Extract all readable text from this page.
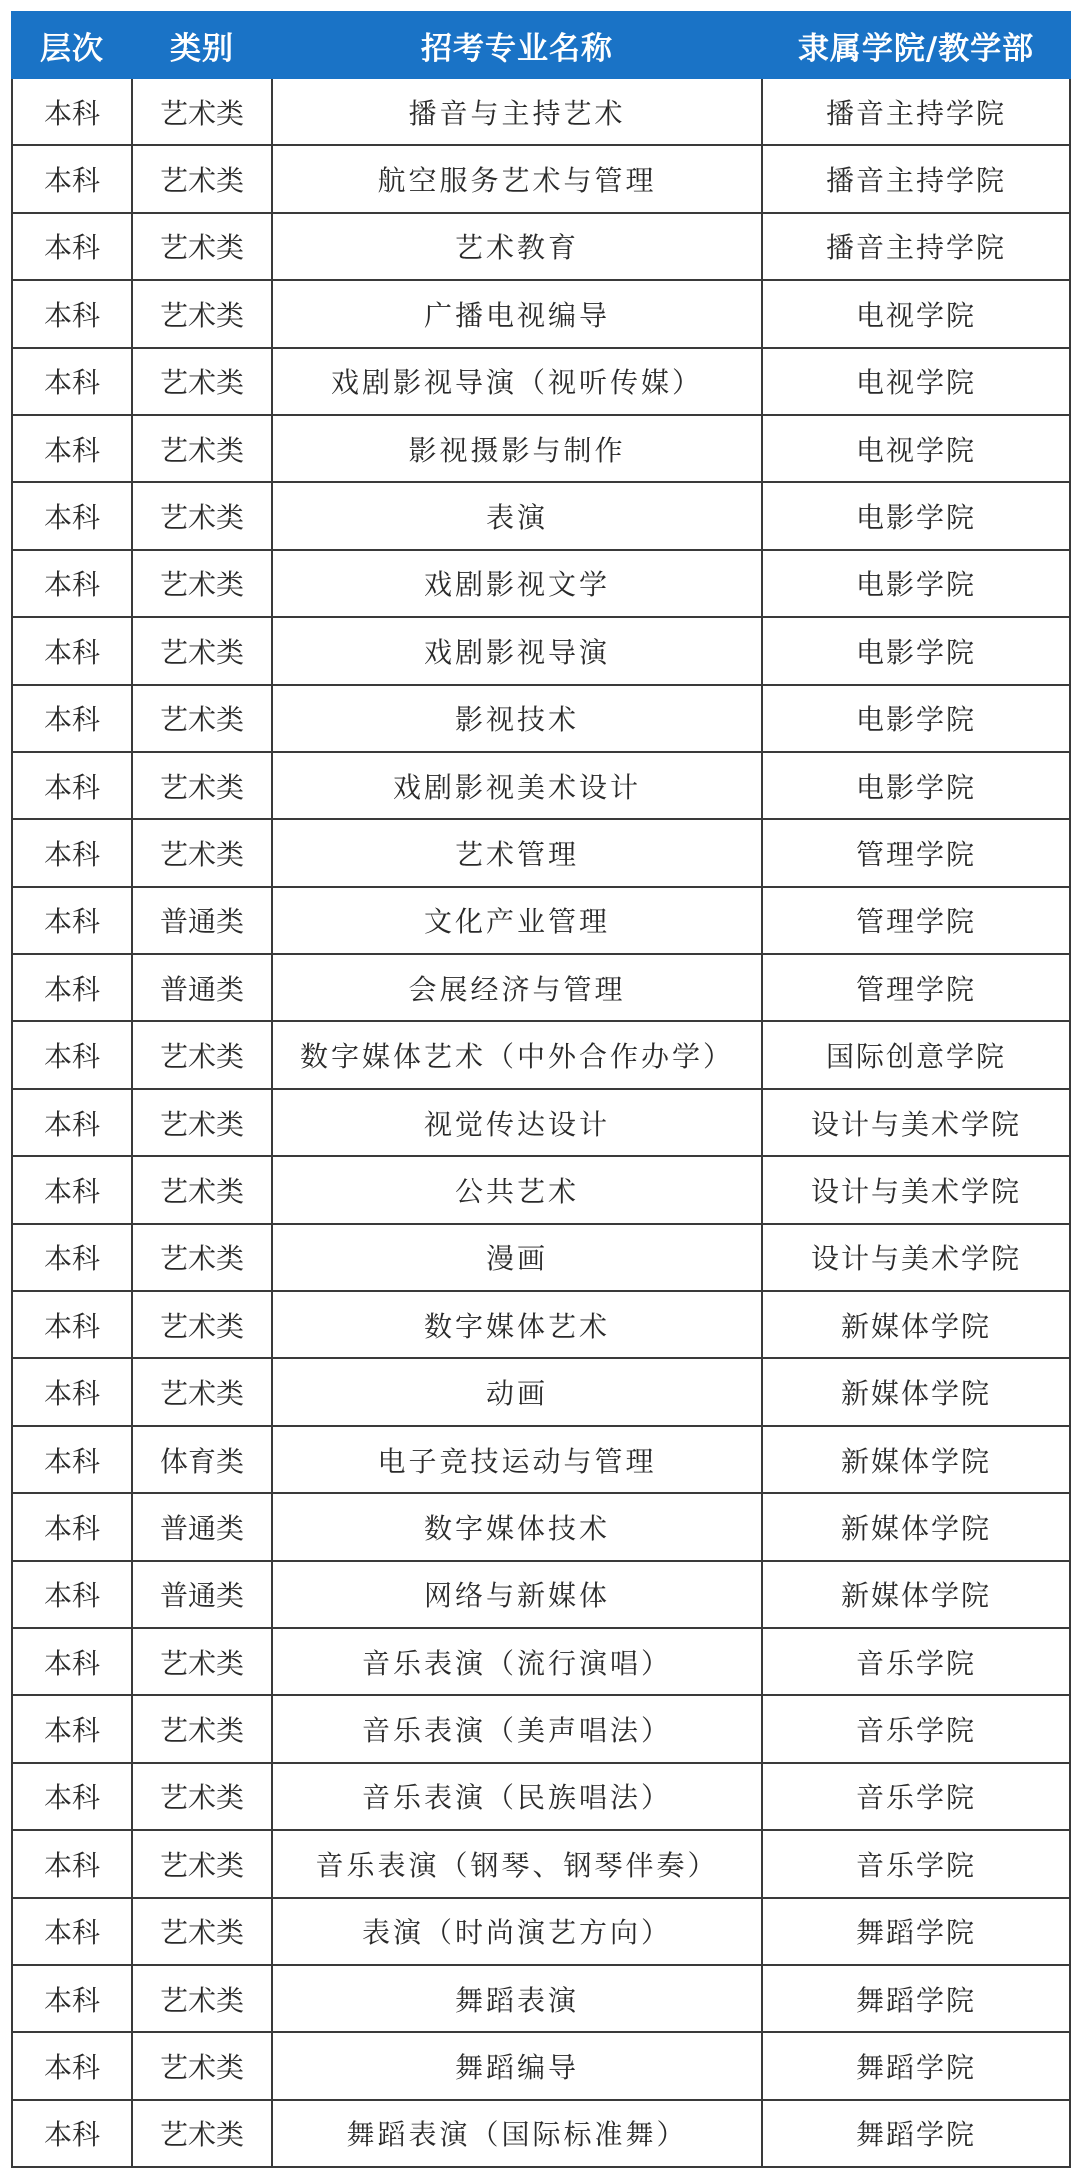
层次	类别	招考专业名称	隶属学院/教学部
本科	艺术类	播音与主持艺术	播音主持学院
本科	艺术类	航空服务艺术与管理	播音主持学院
本科	艺术类	艺术教育	播音主持学院
本科	艺术类	广播电视编导	电视学院
本科	艺术类	戏剧影视导演（视听传媒）	电视学院
本科	艺术类	影视摄影与制作	电视学院
本科	艺术类	表演	电影学院
本科	艺术类	戏剧影视文学	电影学院
本科	艺术类	戏剧影视导演	电影学院
本科	艺术类	影视技术	电影学院
本科	艺术类	戏剧影视美术设计	电影学院
本科	艺术类	艺术管理	管理学院
本科	普通类	文化产业管理	管理学院
本科	普通类	会展经济与管理	管理学院
本科	艺术类	数字媒体艺术（中外合作办学）	国际创意学院
本科	艺术类	视觉传达设计	设计与美术学院
本科	艺术类	公共艺术	设计与美术学院
本科	艺术类	漫画	设计与美术学院
本科	艺术类	数字媒体艺术	新媒体学院
本科	艺术类	动画	新媒体学院
本科	体育类	电子竞技运动与管理	新媒体学院
本科	普通类	数字媒体技术	新媒体学院
本科	普通类	网络与新媒体	新媒体学院
本科	艺术类	音乐表演（流行演唱）	音乐学院
本科	艺术类	音乐表演（美声唱法）	音乐学院
本科	艺术类	音乐表演（民族唱法）	音乐学院
本科	艺术类	音乐表演（钢琴、钢琴伴奏）	音乐学院
本科	艺术类	表演（时尚演艺方向）	舞蹈学院
本科	艺术类	舞蹈表演	舞蹈学院
本科	艺术类	舞蹈编导	舞蹈学院
本科	艺术类	舞蹈表演（国际标准舞）	舞蹈学院
